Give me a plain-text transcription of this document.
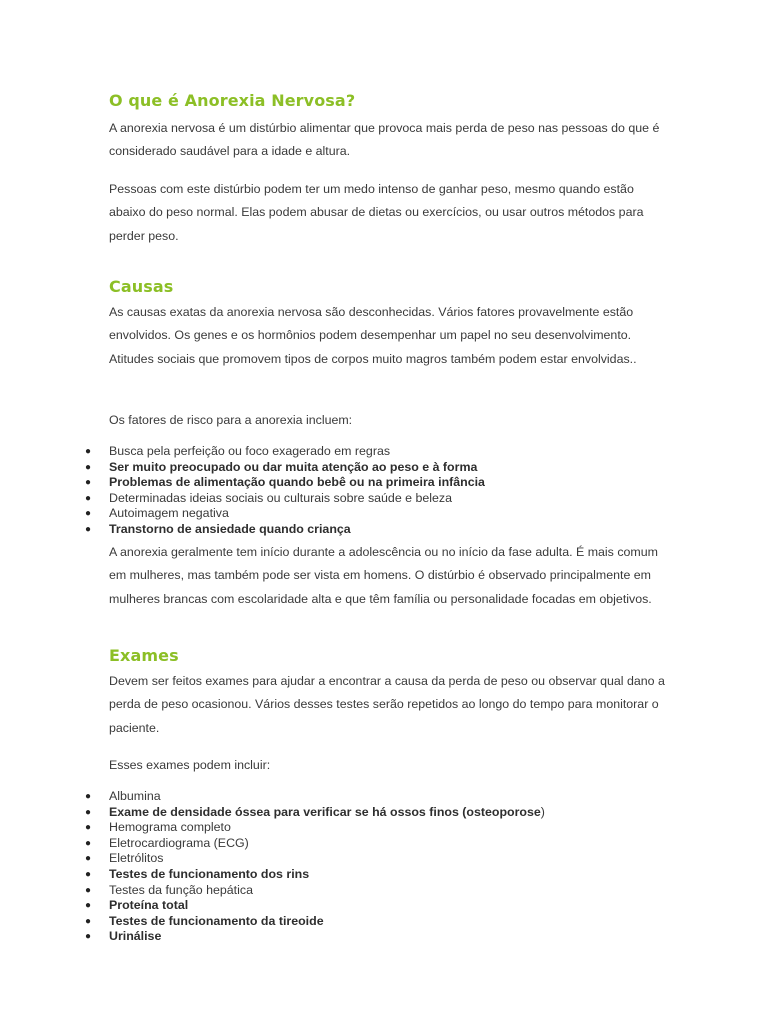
O que é Anorexia Nervosa?

A anorexia nervosa é um distúrbio alimentar que provoca mais perda de peso nas pessoas do que é considerado saudável para a idade e altura.

Pessoas com este distúrbio podem ter um medo intenso de ganhar peso, mesmo quando estão abaixo do peso normal. Elas podem abusar de dietas ou exercícios, ou usar outros métodos para perder peso.

Causas

As causas exatas da anorexia nervosa são desconhecidas. Vários fatores provavelmente estão envolvidos. Os genes e os hormônios podem desempenhar um papel no seu desenvolvimento. Atitudes sociais que promovem tipos de corpos muito magros também podem estar envolvidas..

Os fatores de risco para a anorexia incluem:

● Busca pela perfeição ou foco exagerado em regras
● Ser muito preocupado ou dar muita atenção ao peso e à forma
● Problemas de alimentação quando bebê ou na primeira infância
● Determinadas ideias sociais ou culturais sobre saúde e beleza
● Autoimagem negativa
● Transtorno de ansiedade quando criança

A anorexia geralmente tem início durante a adolescência ou no início da fase adulta. É mais comum em mulheres, mas também pode ser vista em homens. O distúrbio é observado principalmente em mulheres brancas com escolaridade alta e que têm família ou personalidade focadas em objetivos.

Exames

Devem ser feitos exames para ajudar a encontrar a causa da perda de peso ou observar qual dano a perda de peso ocasionou. Vários desses testes serão repetidos ao longo do tempo para monitorar o paciente.

Esses exames podem incluir:

● Albumina
● Exame de densidade óssea para verificar se há ossos finos (osteoporose)
● Hemograma completo
● Eletrocardiograma (ECG)
● Eletrólitos
● Testes de funcionamento dos rins
● Testes da função hepática
● Proteína total
● Testes de funcionamento da tireoide
● Urinálise
